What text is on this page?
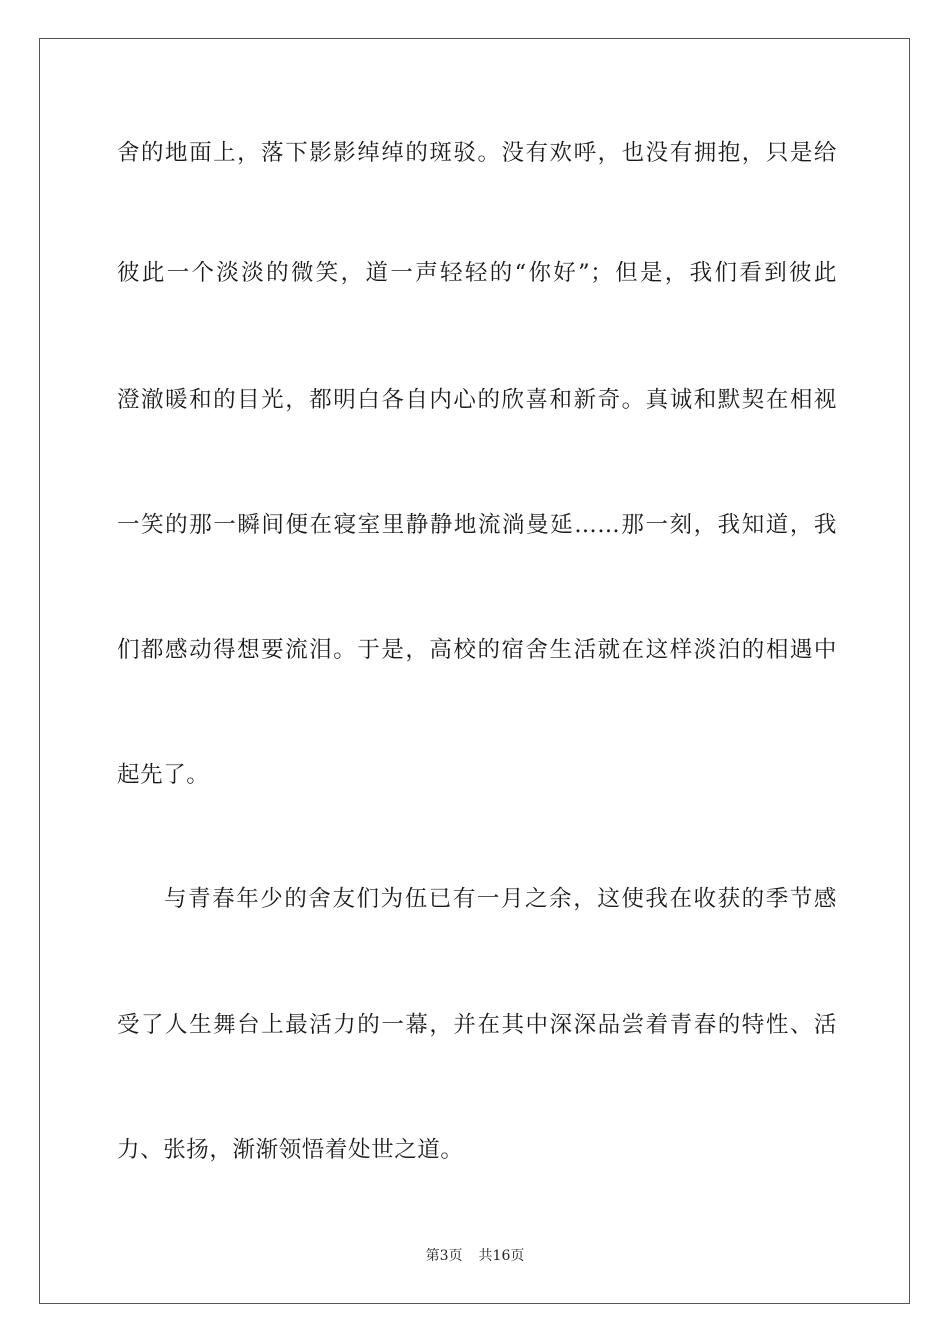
舍的地面上，落下影影绰绰的斑驳。没有欢呼，也没有拥抱，只是给
彼此一个淡淡的微笑，道一声轻轻的“你好”；但是，我们看到彼此
澄澈暖和的目光，都明白各自内心的欣喜和新奇。真诚和默契在相视
一笑的那一瞬间便在寝室里静静地流淌曼延……那一刻，我知道，我
们都感动得想要流泪。于是，高校的宿舍生活就在这样淡泊的相遇中
起先了。
与青春年少的舍友们为伍已有一月之余，这使我在收获的季节感
受了人生舞台上最活力的一幕，并在其中深深品尝着青春的特性、活
力、张扬，渐渐领悟着处世之道。
第3页 共16页
